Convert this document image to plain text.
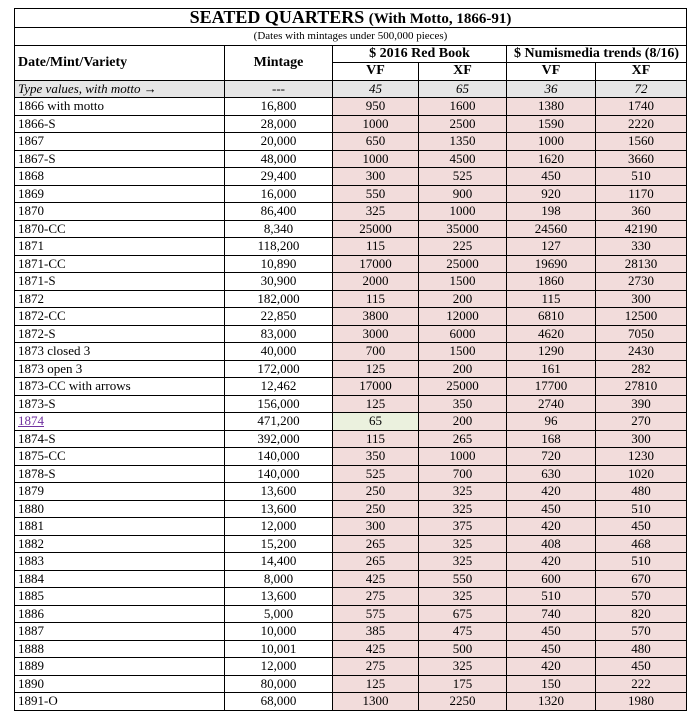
SEATED QUARTERS (With Motto, 1866-91)					
(Dates with mintages under 500,000 pieces)					
Date/Mint/Variety	Mintage	$ 2016 Red Book		$ Numismedia trends (8/16)	
		VF	XF	VF	XF
Type values, with motto →	---	45	65	36	72
1866 with motto	16,800	950	1600	1380	1740
1866-S	28,000	1000	2500	1590	2220
1867	20,000	650	1350	1000	1560
1867-S	48,000	1000	4500	1620	3660
1868	29,400	300	525	450	510
1869	16,000	550	900	920	1170
1870	86,400	325	1000	198	360
1870-CC	8,340	25000	35000	24560	42190
1871	118,200	115	225	127	330
1871-CC	10,890	17000	25000	19690	28130
1871-S	30,900	2000	1500	1860	2730
1872	182,000	115	200	115	300
1872-CC	22,850	3800	12000	6810	12500
1872-S	83,000	3000	6000	4620	7050
1873 closed 3	40,000	700	1500	1290	2430
1873 open 3	172,000	125	200	161	282
1873-CC with arrows	12,462	17000	25000	17700	27810
1873-S	156,000	125	350	2740	390
1874	471,200	65	200	96	270
1874-S	392,000	115	265	168	300
1875-CC	140,000	350	1000	720	1230
1878-S	140,000	525	700	630	1020
1879	13,600	250	325	420	480
1880	13,600	250	325	450	510
1881	12,000	300	375	420	450
1882	15,200	265	325	408	468
1883	14,400	265	325	420	510
1884	8,000	425	550	600	670
1885	13,600	275	325	510	570
1886	5,000	575	675	740	820
1887	10,000	385	475	450	570
1888	10,001	425	500	450	480
1889	12,000	275	325	420	450
1890	80,000	125	175	150	222
1891-O	68,000	1300	2250	1320	1980
